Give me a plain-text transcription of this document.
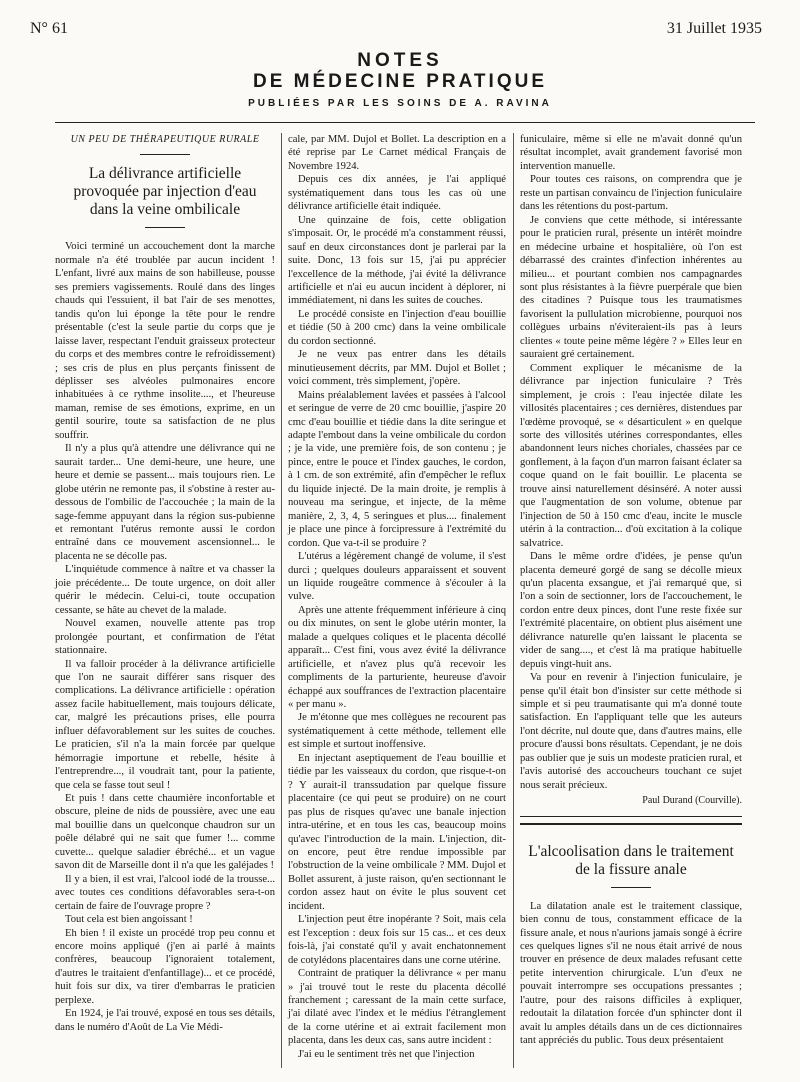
N° 61	31 Juillet 1935
NOTES
DE MÉDECINE PRATIQUE
PUBLIÉES PAR LES SOINS DE A. RAVINA

UN PEU DE THÉRAPEUTIQUE RURALE

La délivrance artificielle
provoquée par injection d'eau
dans la veine ombilicale

Voici terminé un accouchement dont la marche normale n'a été troublée par aucun incident ! L'enfant, livré aux mains de son habilleuse, pousse ses premiers vagissements. Roulé dans des linges chauds qui l'essuient, il bat l'air de ses menottes, tandis qu'on lui éponge la tête pour le rendre présentable (c'est la seule partie du corps que je laisse laver, respectant l'enduit graisseux protecteur du corps et des membres contre le refroidissement) ; ses cris de plus en plus perçants finissent de déplisser ses alvéoles pulmonaires encore inhabituées à ce rythme insolite...., et l'heureuse maman, remise de ses émotions, exprime, en un gentil sourire, toute sa satisfaction de ne plus souffrir.

Il n'y a plus qu'à attendre une délivrance qui ne saurait tarder... Une demi-heure, une heure, une heure et demie se passent... mais toujours rien. Le globe utérin ne remonte pas, il s'obstine à rester au-dessous de l'ombilic de l'accouchée ; la main de la sage-femme appuyant dans la région sus-pubienne et remontant l'utérus remonte aussi le cordon entraîné dans ce mouvement ascensionnel... le placenta ne se décolle pas.

L'inquiétude commence à naître et va chasser la joie précédente... De toute urgence, on doit aller quérir le médecin. Celui-ci, toute occupation cessante, se hâte au chevet de la malade.

Nouvel examen, nouvelle attente pas trop prolongée pourtant, et confirmation de l'état stationnaire.

Il va falloir procéder à la délivrance artificielle que l'on ne saurait différer sans risquer des complications. La délivrance artificielle : opération assez facile habituellement, mais toujours délicate, car, malgré les précautions prises, elle pourra influer défavorablement sur les suites de couches. Le praticien, s'il n'a la main forcée par quelque hémorragie importune et rebelle, hésite à l'entreprendre..., il voudrait tant, pour la patiente, que cela se fasse tout seul !

Et puis ! dans cette chaumière inconfortable et obscure, pleine de nids de poussière, avec une eau mal bouillie dans un quelconque chaudron sur un poêle délabré qui ne sait que fumer !... comme cuvette... quelque saladier ébréché... et un vague savon dit de Marseille dont il n'a que les galéjades !

Il y a bien, il est vrai, l'alcool iodé de la trousse... avec toutes ces conditions défavorables sera-t-on certain de faire de l'ouvrage propre ?

Tout cela est bien angoissant !

Eh bien ! il existe un procédé trop peu connu et encore moins appliqué (j'en ai parlé à maints confrères, beaucoup l'ignoraient totalement, d'autres le traitaient d'enfantillage)... et ce procédé, huit fois sur dix, va tirer d'embarras le praticien perplexe.

En 1924, je l'ai trouvé, exposé en tous ses détails, dans le numéro d'Août de La Vie Médi-

cale, par MM. Dujol et Bollet. La description en a été reprise par Le Carnet médical Français de Novembre 1924.

Depuis ces dix années, je l'ai appliqué systématiquement dans tous les cas où une délivrance artificielle était indiquée.

Une quinzaine de fois, cette obligation s'imposait. Or, le procédé m'a constamment réussi, sauf en deux circonstances dont je parlerai par la suite. Donc, 13 fois sur 15, j'ai pu apprécier l'excellence de la méthode, j'ai évité la délivrance artificielle et n'ai eu aucun incident à déplorer, ni immédiatement, ni dans les suites de couches.

Le procédé consiste en l'injection d'eau bouillie et tiédie (50 à 200 cmc) dans la veine ombilicale du cordon sectionné.

Je ne veux pas entrer dans les détails minutieusement décrits, par MM. Dujol et Bollet ; voici comment, très simplement, j'opère.

Mains préalablement lavées et passées à l'alcool et seringue de verre de 20 cmc bouillie, j'aspire 20 cmc d'eau bouillie et tiédie dans la dite seringue et adapte l'embout dans la veine ombilicale du cordon ; je la vide, une première fois, de son contenu ; je pince, entre le pouce et l'index gauches, le cordon, à 1 cm. de son extrémité, afin d'empêcher le reflux du liquide injecté. De la main droite, je remplis à nouveau ma seringue, et injecte, de la même manière, 2, 3, 4, 5 seringues et plus.... finalement je place une pince à forcipressure à l'extrémité du cordon. Que va-t-il se produire ?

L'utérus a légèrement changé de volume, il s'est durci ; quelques douleurs apparaissent et souvent un liquide rougeâtre commence à s'écouler à la vulve.

Après une attente fréquemment inférieure à cinq ou dix minutes, on sent le globe utérin monter, la malade a quelques coliques et le placenta décollé apparaît... C'est fini, vous avez évité la délivrance artificielle, et n'avez plus qu'à recevoir les compliments de la parturiente, heureuse d'avoir échappé aux souffrances de l'extraction placentaire « per manu ».

Je m'étonne que mes collègues ne recourent pas systématiquement à cette méthode, tellement elle est simple et surtout inoffensive.

En injectant aseptiquement de l'eau bouillie et tiédie par les vaisseaux du cordon, que risque-t-on ? Y aurait-il transsudation par quelque fissure placentaire (ce qui peut se produire) on ne court pas plus de risques qu'avec une banale injection intra-utérine, et en tous les cas, beaucoup moins qu'avec l'introduction de la main. L'injection, dit-on encore, peut être rendue impossible par l'obstruction de la veine ombilicale ? MM. Dujol et Bollet assurent, à juste raison, qu'en sectionnant le cordon assez haut on évite le plus souvent cet incident.

L'injection peut être inopérante ? Soit, mais cela est l'exception : deux fois sur 15 cas... et ces deux fois-là, j'ai constaté qu'il y avait enchatonnement de cotylédons placentaires dans une corne utérine.

Contraint de pratiquer la délivrance « per manu » j'ai trouvé tout le reste du placenta décollé franchement ; caressant de la main cette surface, j'ai dilaté avec l'index et le médius l'étranglement de la corne utérine et ai extrait facilement mon placenta, dans les deux cas, sans autre incident :

J'ai eu le sentiment très net que l'injection

funiculaire, même si elle ne m'avait donné qu'un résultat incomplet, avait grandement favorisé mon intervention manuelle.

Pour toutes ces raisons, on comprendra que je reste un partisan convaincu de l'injection funiculaire dans les rétentions du post-partum.

Je conviens que cette méthode, si intéressante pour le praticien rural, présente un intérêt moindre en médecine urbaine et hospitalière, où l'on est débarrassé des craintes d'infection inhérentes au milieu... et pourtant combien nos campagnardes sont plus résistantes à la fièvre puerpérale que bien des citadines ? Puisque tous les traumatismes favorisent la pullulation microbienne, pourquoi nos collègues urbains n'éviteraient-ils pas à leurs clientes « toute peine même légère ? » Elles leur en sauraient gré certainement.

Comment expliquer le mécanisme de la délivrance par injection funiculaire ? Très simplement, je crois : l'eau injectée dilate les villosités placentaires ; ces dernières, distendues par l'œdème provoqué, se « désarticulent » en quelque sorte des villosités utérines correspondantes, elles abandonnent leurs niches choriales, chassées par ce gonflement, à la façon d'un marron faisant éclater sa coque quand on le fait bouillir. Le placenta se trouve ainsi naturellement désinséré. A noter aussi que l'augmentation de son volume, obtenue par l'injection de 50 à 150 cmc d'eau, incite le muscle utérin à la contraction... d'où excitation à la colique salvatrice.

Dans le même ordre d'idées, je pense qu'un placenta demeuré gorgé de sang se décolle mieux qu'un placenta exsangue, et j'ai remarqué que, si l'on a soin de sectionner, lors de l'accouchement, le cordon entre deux pinces, dont l'une reste fixée sur l'extrémité placentaire, on obtient plus aisément une délivrance naturelle qu'en laissant le placenta se vider de sang...., et c'est là ma pratique habituelle depuis vingt-huit ans.

Va pour en revenir à l'injection funiculaire, je pense qu'il était bon d'insister sur cette méthode si simple et si peu traumatisante qui m'a donné toute satisfaction. En l'appliquant telle que les auteurs l'ont décrite, nul doute que, dans d'autres mains, elle procure d'aussi bons résultats. Cependant, je ne dois pas oublier que je suis un modeste praticien rural, et l'avis autorisé des accoucheurs touchant ce sujet nous serait précieux.

Paul Durand (Courville).

L'alcoolisation dans le traitement
de la fissure anale

La dilatation anale est le traitement classique, bien connu de tous, constamment efficace de la fissure anale, et nous n'aurions jamais songé à écrire ces quelques lignes s'il ne nous était arrivé de nous trouver en présence de deux malades refusant cette petite intervention chirurgicale. L'un d'eux ne pouvait interrompre ses occupations pressantes ; l'autre, pour des raisons difficiles à expliquer, redoutait la dilatation forcée d'un sphincter dont il avait lu amples détails dans un de ces dictionnaires tant appréciés du public. Tous deux présentaient
